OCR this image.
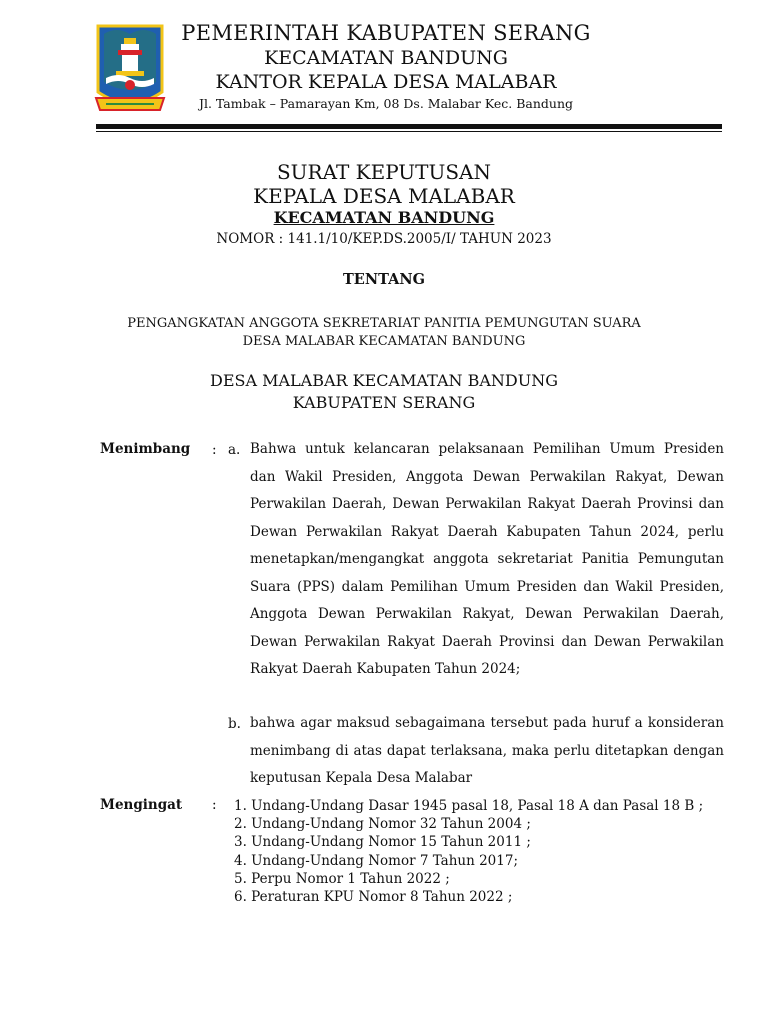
PEMERINTAH KABUPATEN SERANG
KECAMATAN BANDUNG
KANTOR KEPALA DESA MALABAR
Jl. Tambak – Pamarayan Km, 08 Ds. Malabar Kec. Bandung
SURAT KEPUTUSAN
KEPALA DESA MALABAR
KECAMATAN BANDUNG
NOMOR : 141.1/10/KEP.DS.2005/I/ TAHUN 2023
TENTANG
PENGANGKATAN ANGGOTA SEKRETARIAT PANITIA PEMUNGUTAN SUARA
DESA MALABAR KECAMATAN BANDUNG
DESA MALABAR KECAMATAN BANDUNG
KABUPATEN SERANG
Menimbang : a. Bahwa untuk kelancaran pelaksanaan Pemilihan Umum Presiden dan Wakil Presiden, Anggota Dewan Perwakilan Rakyat, Dewan Perwakilan Daerah, Dewan Perwakilan Rakyat Daerah Provinsi dan Dewan Perwakilan Rakyat Daerah Kabupaten Tahun 2024, perlu menetapkan/mengangkat anggota sekretariat Panitia Pemungutan Suara (PPS) dalam Pemilihan Umum Presiden dan Wakil Presiden, Anggota Dewan Perwakilan Rakyat, Dewan Perwakilan Daerah, Dewan Perwakilan Rakyat Daerah Provinsi dan Dewan Perwakilan Rakyat Daerah Kabupaten Tahun 2024;
b. bahwa agar maksud sebagaimana tersebut pada huruf a konsideran menimbang di atas dapat terlaksana, maka perlu ditetapkan dengan keputusan Kepala Desa Malabar
Mengingat : 1. Undang-Undang Dasar 1945 pasal 18, Pasal 18 A dan Pasal 18 B ;
2. Undang-Undang Nomor 32 Tahun 2004 ;
3. Undang-Undang Nomor 15 Tahun 2011 ;
4. Undang-Undang Nomor 7 Tahun 2017;
5. Perpu Nomor 1 Tahun 2022 ;
6. Peraturan KPU Nomor 8 Tahun 2022 ;
